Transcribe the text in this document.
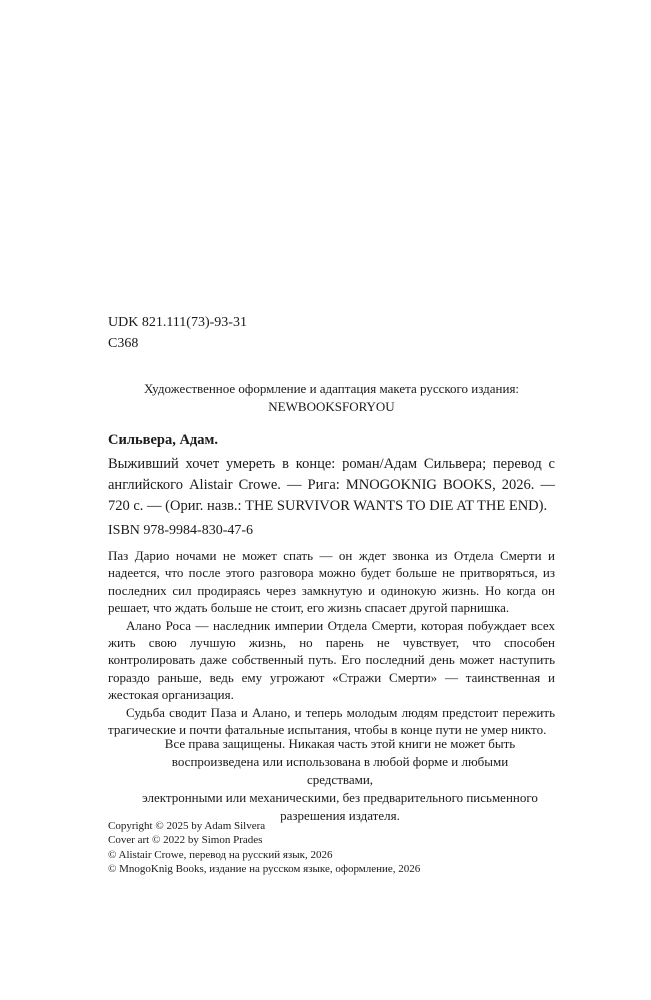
UDK 821.111(73)-93-31
C368
Художественное оформление и адаптация макета русского издания:
NEWBOOKSFORYOU
Сильвера, Адам.
Выживший хочет умереть в конце: роман/Адам Сильвера; перевод с английского Alistair Crowe. — Рига: MNOGOKNIG BOOKS, 2026. — 720 с. — (Ориг. назв.: THE SURVIVOR WANTS TO DIE AT THE END).
ISBN 978-9984-830-47-6

Паз Дарио ночами не может спать — он ждет звонка из Отдела Смерти и надеется, что после этого разговора можно будет больше не притворяться, из последних сил продираясь через замкнутую и одинокую жизнь. Но когда он решает, что ждать больше не стоит, его жизнь спасает другой парнишка.

Алано Роса — наследник империи Отдела Смерти, которая побуждает всех жить свою лучшую жизнь, но парень не чувствует, что способен контролировать даже собственный путь. Его последний день может наступить гораздо раньше, ведь ему угрожают «Стражи Смерти» — таинственная и жестокая организация.

Судьба сводит Паза и Алано, и теперь молодым людям предстоит пережить трагические и почти фатальные испытания, чтобы в конце пути не умер никто.

Все права защищены. Никакая часть этой книги не может быть
воспроизведена или использована в любой форме и любыми средствами,
электронными или механическими, без предварительного письменного
разрешения издателя.
Copyright © 2025 by Adam Silvera
Cover art © 2022 by Simon Prades
© Alistair Crowe, перевод на русский язык, 2026
© MnogoKnig Books, издание на русском языке, оформление, 2026
